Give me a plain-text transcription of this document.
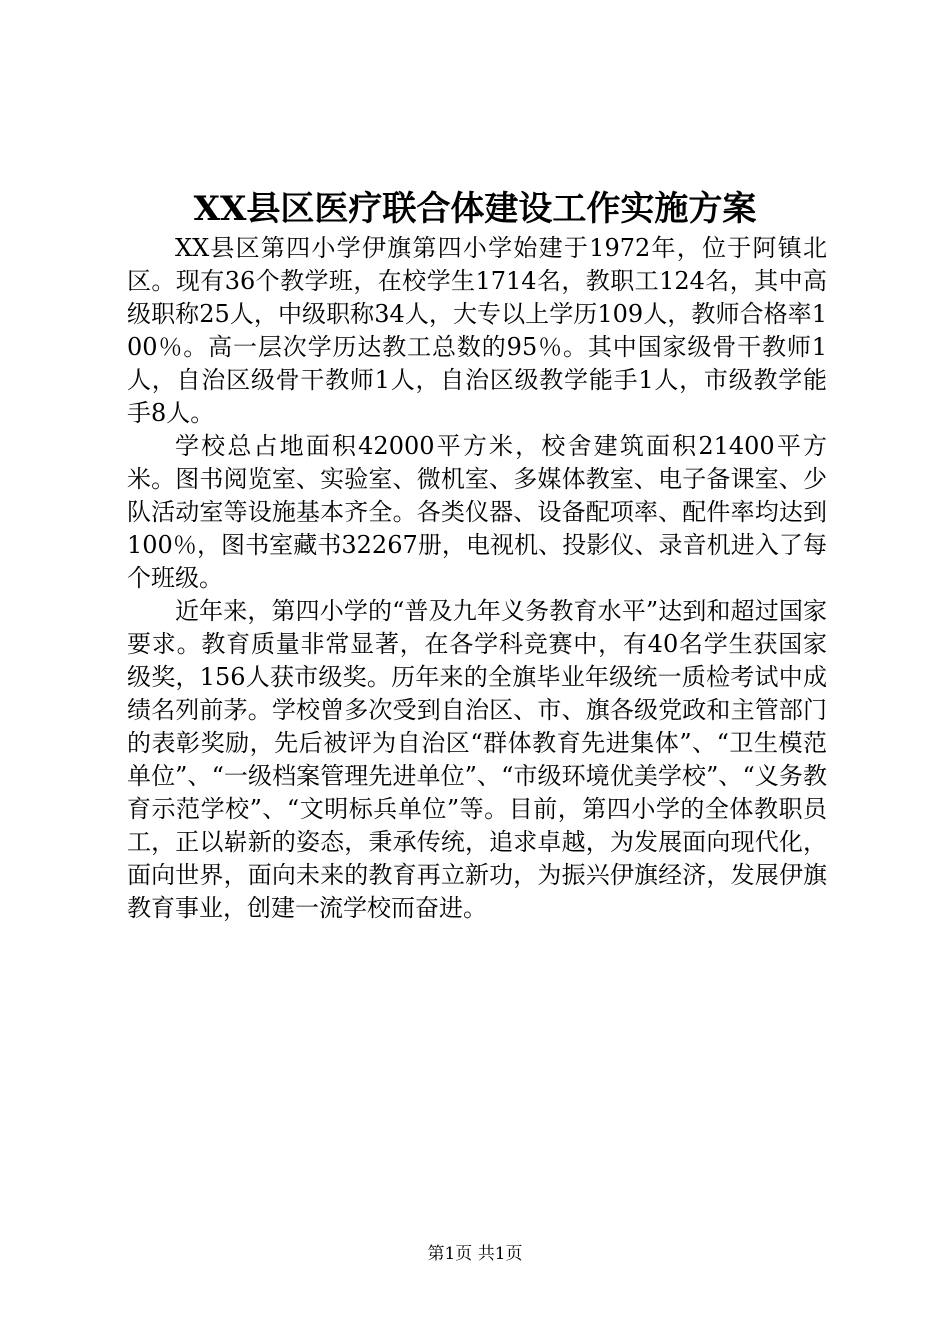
XX县区医疗联合体建设工作实施方案

XX县区第四小学伊旗第四小学始建于1972年，位于阿镇北区。现有36个教学班，在校学生1714名，教职工124名，其中高级职称25人，中级职称34人，大专以上学历109人，教师合格率100％。高一层次学历达教工总数的95％。其中国家级骨干教师1人，自治区级骨干教师1人，自治区级教学能手1人，市级教学能手8人。

学校总占地面积42000平方米，校舍建筑面积21400平方米。图书阅览室、实验室、微机室、多媒体教室、电子备课室、少队活动室等设施基本齐全。各类仪器、设备配项率、配件率均达到100％，图书室藏书32267册，电视机、投影仪、录音机进入了每个班级。

近年来，第四小学的“普及九年义务教育水平”达到和超过国家要求。教育质量非常显著，在各学科竞赛中，有40名学生获国家级奖，156人获市级奖。历年来的全旗毕业年级统一质检考试中成绩名列前茅。学校曾多次受到自治区、市、旗各级党政和主管部门的表彰奖励，先后被评为自治区“群体教育先进集体”、“卫生模范单位”、“一级档案管理先进单位”、“市级环境优美学校”、“义务教育示范学校”、“文明标兵单位”等。目前，第四小学的全体教职员工，正以崭新的姿态，秉承传统，追求卓越，为发展面向现代化，面向世界，面向未来的教育再立新功，为振兴伊旗经济，发展伊旗教育事业，创建一流学校而奋进。

第1页 共1页
